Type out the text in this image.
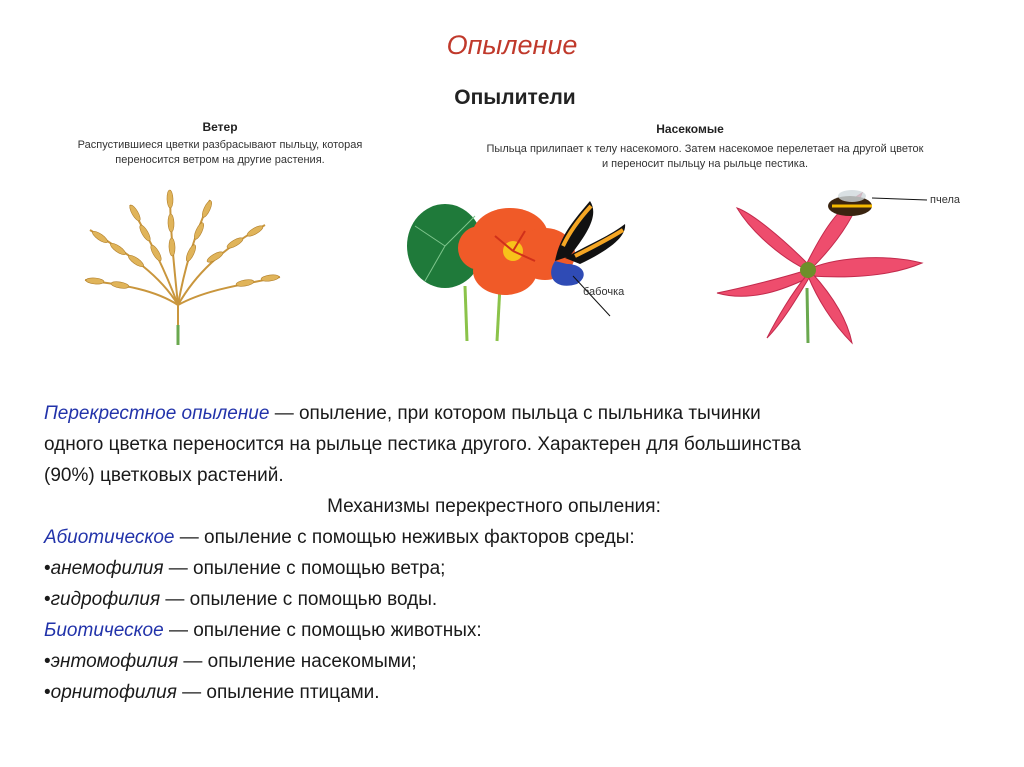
Опыление
Опылители
Ветер
Распустившиеся цветки разбрасывают пыльцу, которая
переносится ветром на другие растения.
Насекомые
Пыльца прилипает к телу насекомого. Затем насекомое перелетает на другой цветок
и переносит пыльцу на рыльце пестика.
бабочка
пчела

Перекрестное опыление — опыление, при котором пыльца с пыльника тычинки

одного цветка переносится на рыльце пестика другого. Характерен для большинства

(90%) цветковых растений.

Механизмы перекрестного опыления:

Абиотическое — опыление с помощью неживых факторов среды:

•анемофилия — опыление с помощью ветра;

•гидрофилия — опыление с помощью воды.

Биотическое — опыление с помощью животных:

•энтомофилия — опыление насекомыми;

•орнитофилия — опыление птицами.
